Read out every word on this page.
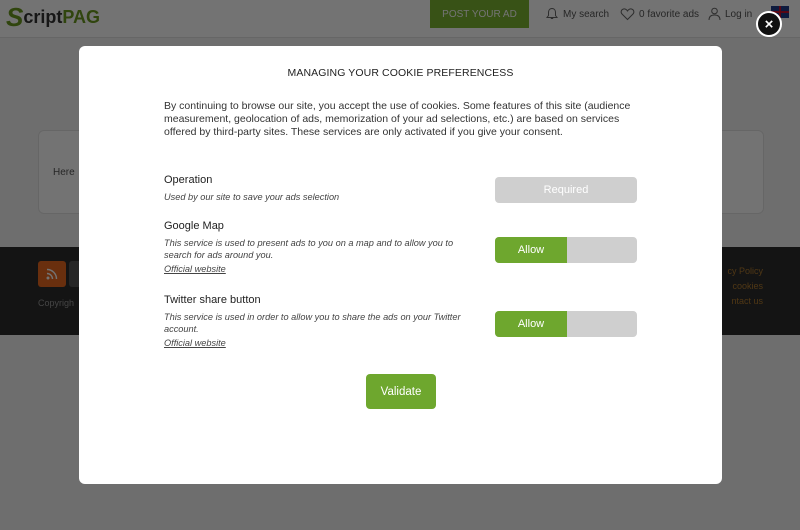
×
MANAGING YOUR COOKIE PREFERENCESS
By continuing to browse our site, you accept the use of cookies. Some features of this site (audience measurement, geolocation of ads, memorization of your ad selections, etc.) are based on services offered by third-party sites. These services are only activated if you give your consent.
Operation
Used by our site to save your ads selection
Required
Google Map
This service is used to present ads to you on a map and to allow you to search for ads around you.
Official website
Allow
Twitter share button
This service is used in order to allow you to share the ads on your Twitter account.
Official website
Allow
Validate
